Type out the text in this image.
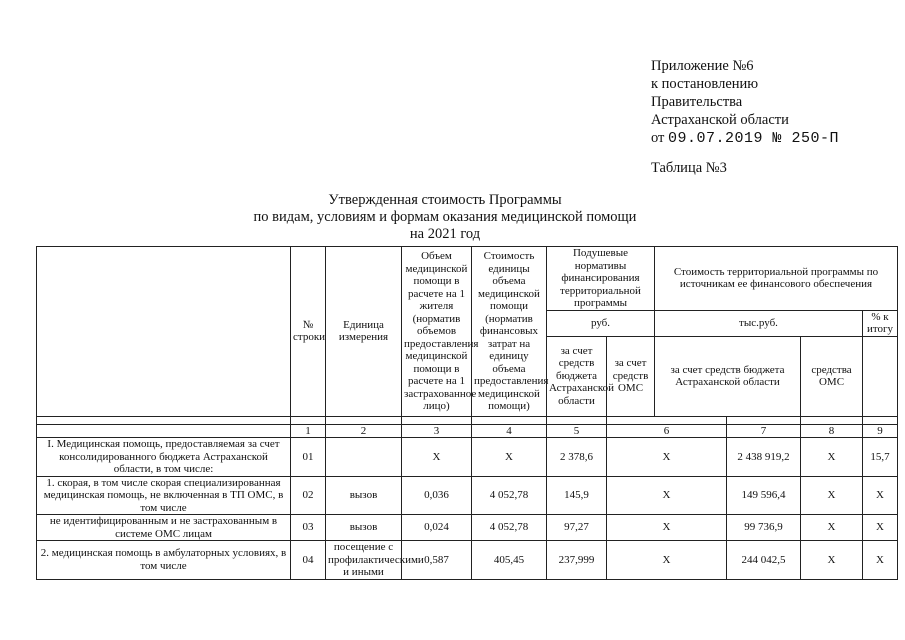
Приложение №6
к постановлению
Правительства
Астраханской области
от 09.07.2019 № 250-П
Таблица №3
Утвержденная стоимость Программы
по видам, условиям и формам оказания медицинской помощи
на 2021 год
	№ строки	Единица измерения	Объем медицинской помощи в расчете на 1 жителя (норматив объемов предоставления медицинской помощи в расчете на 1 застрахованное лицо)	Стоимость единицы объема медицинской помощи (норматив финансовых затрат на единицу объема предоставления медицинской помощи)	Подушевые нормативы финансирования территориальной программы		Стоимость территориальной программы по источникам ее финансового обеспечения			
					руб.		тыс.руб.			% к итогу
					за счет средств бюджета Астраханской области	за счет средств ОМС	за счет средств бюджета Астраханской области		средства ОМС	

	1	2	3	4	5	6		7	8	9
I. Медицинская помощь, предоставляемая за счет консолидированного бюджета Астраханской области, в том числе:	01		X	X	2 378,6	X		2 438 919,2	X	15,7
1. скорая, в том числе скорая специализированная медицинская помощь, не включенная в ТП ОМС, в том числе	02	вызов	0,036	4 052,78	145,9	X		149 596,4	X	X
не идентифицированным и не застрахованным в системе ОМС лицам	03	вызов	0,024	4 052,78	97,27	X		99 736,9	X	X
2. медицинская помощь в амбулаторных условиях, в том числе	04	посещение с профилактическими и иными	0,587	405,45	237,999	X		244 042,5	X	X
